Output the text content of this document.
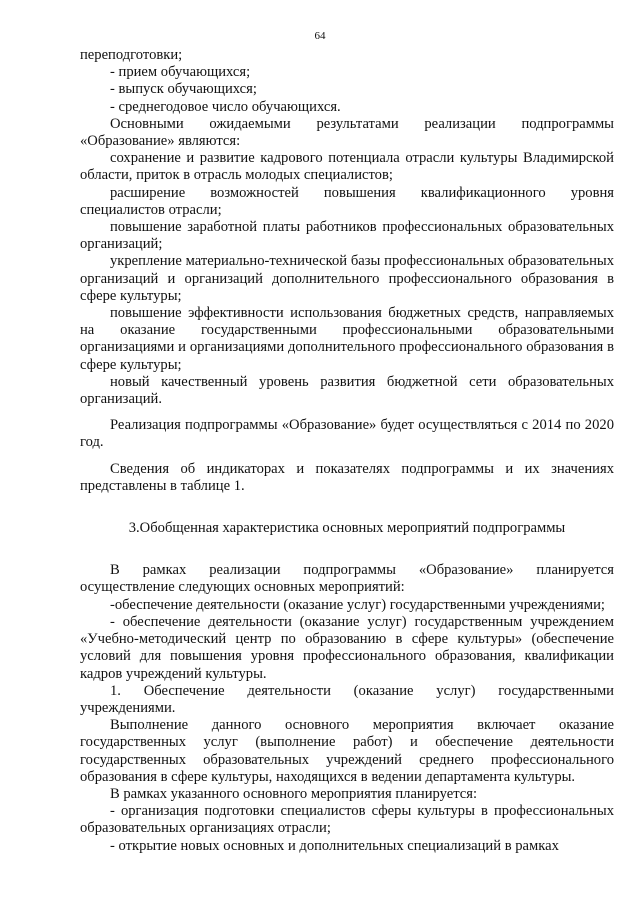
64

переподготовки;

- прием обучающихся;

- выпуск обучающихся;

- среднегодовое число обучающихся.

Основными ожидаемыми результатами реализации подпрограммы «Образование» являются:

сохранение и развитие кадрового потенциала отрасли культуры Владимирской области, приток в отрасль молодых специалистов;

расширение возможностей повышения квалификационного уровня специалистов отрасли;

повышение заработной платы работников профессиональных образовательных организаций;

укрепление материально-технической базы профессиональных образовательных организаций и организаций дополнительного профессионального образования в сфере культуры;

повышение эффективности использования бюджетных средств, направляемых на оказание государственными профессиональными образовательными организациями и организациями дополнительного профессионального образования в сфере культуры;

новый качественный уровень развития бюджетной сети образовательных организаций.

Реализация подпрограммы «Образование» будет осуществляться с 2014 по 2020 год.

Сведения об индикаторах и показателях подпрограммы и их значениях представлены в таблице 1.

3.Обобщенная характеристика основных мероприятий подпрограммы

В рамках реализации подпрограммы «Образование» планируется осуществление следующих основных мероприятий:

-обеспечение деятельности (оказание услуг) государственными учреждениями;

- обеспечение деятельности (оказание услуг) государственным учреждением «Учебно-методический центр по образованию в сфере культуры» (обеспечение условий для повышения уровня профессионального образования, квалификации кадров учреждений культуры.

1. Обеспечение деятельности (оказание услуг) государственными учреждениями.

Выполнение данного основного мероприятия включает оказание государственных услуг (выполнение работ) и обеспечение деятельности государственных образовательных учреждений среднего профессионального образования в сфере культуры, находящихся в ведении департамента культуры.

В рамках указанного основного мероприятия планируется:

- организация подготовки специалистов сферы культуры в профессиональных образовательных организациях отрасли;

- открытие новых основных и дополнительных специализаций в рамках
